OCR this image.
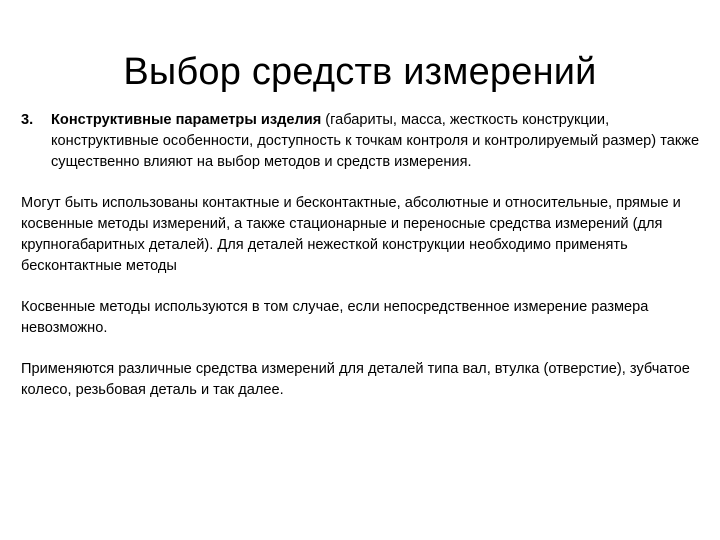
Выбор средств измерений
3. Конструктивные параметры изделия (габариты, масса, жесткость конструкции, конструктивные особенности, доступность к точкам контроля и контролируемый размер) также существенно влияют на выбор методов и средств измерения.

Могут быть использованы контактные и бесконтактные, абсолютные и относительные, прямые и косвенные методы измерений, а также стационарные и переносные средства измерений (для крупногабаритных деталей). Для деталей нежесткой конструкции необходимо применять бесконтактные методы

Косвенные методы используются в том случае, если непосредственное измерение размера невозможно.

Применяются различные средства измерений для деталей типа вал, втулка (отверстие), зубчатое колесо, резьбовая деталь и так далее.
